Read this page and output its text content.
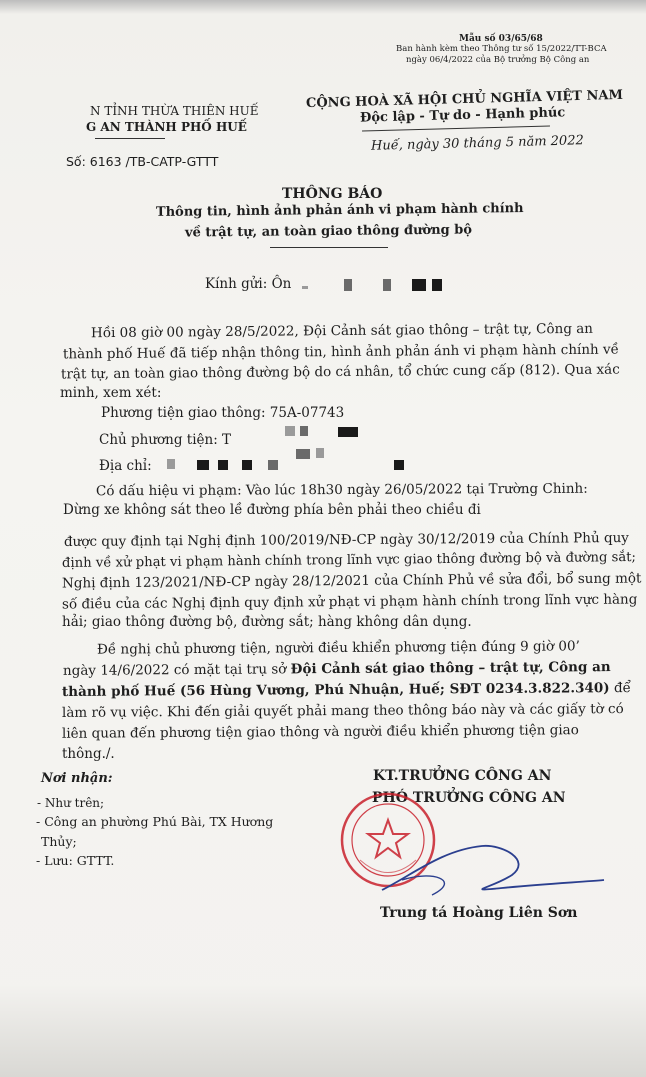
Mẫu số 03/65/68
Ban hành kèm theo Thông tư số 15/2022/TT-BCA
ngày 06/4/2022 của Bộ trưởng Bộ Công an
N TỈNH THỪA THIÊN HUẾ
G AN THÀNH PHỐ HUẾ
CỘNG HOÀ XÃ HỘI CHỦ NGHĨA VIỆT NAM
Độc lập - Tự do - Hạnh phúc
Số: 6163 /TB-CATP-GTTT
Huế, ngày 30 tháng 5 năm 2022
THÔNG BÁO
Thông tin, hình ảnh phản ánh vi phạm hành chính
về trật tự, an toàn giao thông đường bộ
Kính gửi: Ôn
Hồi 08 giờ 00 ngày 28/5/2022, Đội Cảnh sát giao thông – trật tự, Công an
thành phố Huế đã tiếp nhận thông tin, hình ảnh phản ánh vi phạm hành chính về
trật tự, an toàn giao thông đường bộ do cá nhân, tổ chức cung cấp (812). Qua xác
minh, xem xét:
Phương tiện giao thông: 75A-07743
Chủ phương tiện: T
Địa chỉ:
Có dấu hiệu vi phạm: Vào lúc 18h30 ngày 26/05/2022 tại Trường Chinh:
Dừng xe không sát theo lề đường phía bên phải theo chiều đi
được quy định tại Nghị định 100/2019/NĐ-CP ngày 30/12/2019 của Chính Phủ quy
định về xử phạt vi phạm hành chính trong lĩnh vực giao thông đường bộ và đường sắt;
Nghị định 123/2021/NĐ-CP ngày 28/12/2021 của Chính Phủ về sửa đổi, bổ sung một
số điều của các Nghị định quy định xử phạt vi phạm hành chính trong lĩnh vực hàng
hải; giao thông đường bộ, đường sắt; hàng không dân dụng.
Đề nghị chủ phương tiện, người điều khiển phương tiện đúng 9 giờ 00’
ngày 14/6/2022 có mặt tại trụ sở Đội Cảnh sát giao thông – trật tự, Công an
thành phố Huế (56 Hùng Vương, Phú Nhuận, Huế; SĐT 0234.3.822.340) để
làm rõ vụ việc. Khi đến giải quyết phải mang theo thông báo này và các giấy tờ có
liên quan đến phương tiện giao thông và người điều khiển phương tiện giao
thông./.
Nơi nhận:
- Như trên;
- Công an phường Phú Bài, TX Hương
Thủy;
- Lưu: GTTT.
KT.TRƯỞNG CÔNG AN
PHÓ TRƯỞNG CÔNG AN
Trung tá Hoàng Liên Sơn
